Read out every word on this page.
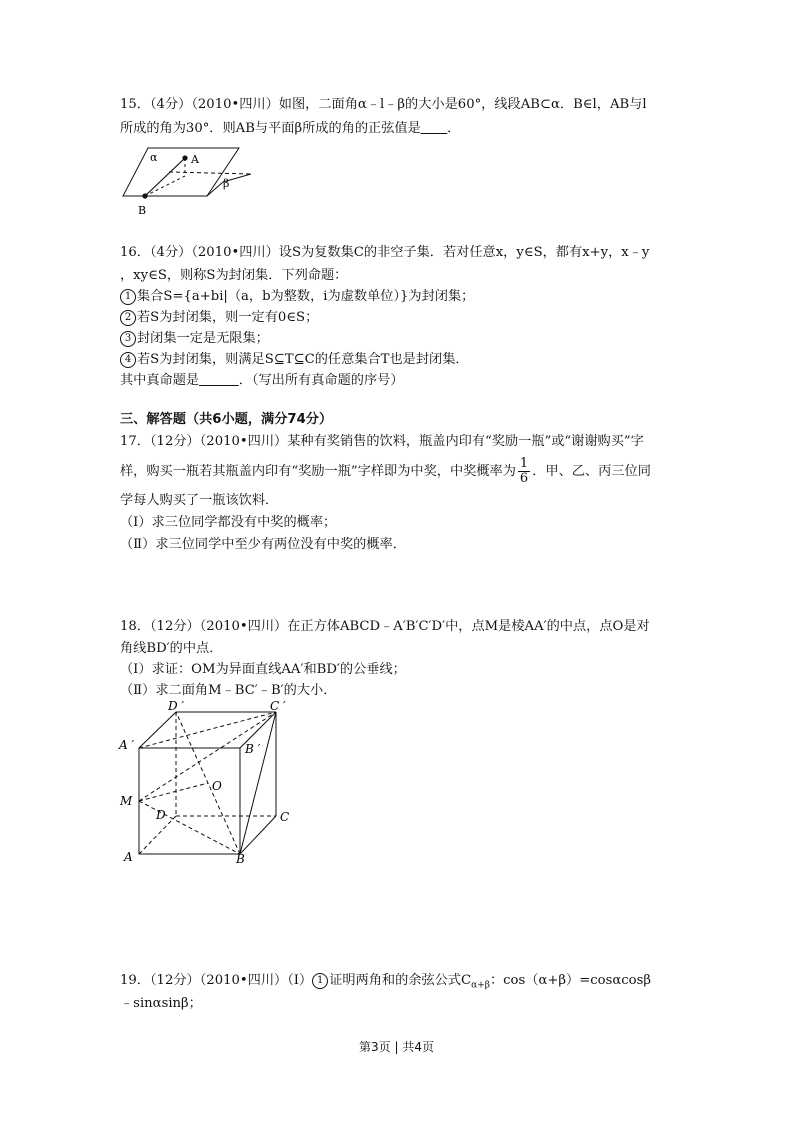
15．（4分）（2010•四川）如图，二面角α﹣l﹣β的大小是60°，线段AB⊂α．B∈l，AB与l
所成的角为30°．则AB与平面β所成的角的正弦值是＿＿．
α	A
β
B
16．（4分）（2010•四川）设S为复数集C的非空子集．若对任意x，y∈S，都有x+y，x﹣y
，xy∈S，则称S为封闭集．下列命题：
1 集合S={a+bi|（a，b为整数，i为虚数单位）}为封闭集；
2 若S为封闭集，则一定有0∈S；
3 封闭集一定是无限集；
4 若S为封闭集，则满足S⊆T⊆C的任意集合T也是封闭集．
其中真命题是＿＿＿．（写出所有真命题的序号）
三、解答题（共6小题，满分74分）
17．（12分）（2010•四川）某种有奖销售的饮料，瓶盖内印有“奖励一瓶”或“谢谢购买”字
样，购买一瓶若其瓶盖内印有“奖励一瓶”字样即为中奖，中奖概率为 $\frac{1}{6}$ ．甲、乙、丙三位同
学每人购买了一瓶该饮料．
（Ⅰ）求三位同学都没有中奖的概率；
（Ⅱ）求三位同学中至少有两位没有中奖的概率．
18．（12分）（2010•四川）在正方体ABCD﹣A′B′C′D′中，点M是棱AA′的中点，点O是对
角线BD′的中点．
（Ⅰ）求证：OM为异面直线AA′和BD′的公垂线；
（Ⅱ）求二面角M﹣BC′﹣B′的大小．
D ′	C ′
A ′	B ′
M
O
D	C
A	B
19．（12分）（2010•四川）（Ⅰ） 1 证明两角和的余弦公式$C_{\alpha+\beta}$：cos（α+β）=cosαcosβ
﹣sinαsinβ；
第3页 | 共4页
